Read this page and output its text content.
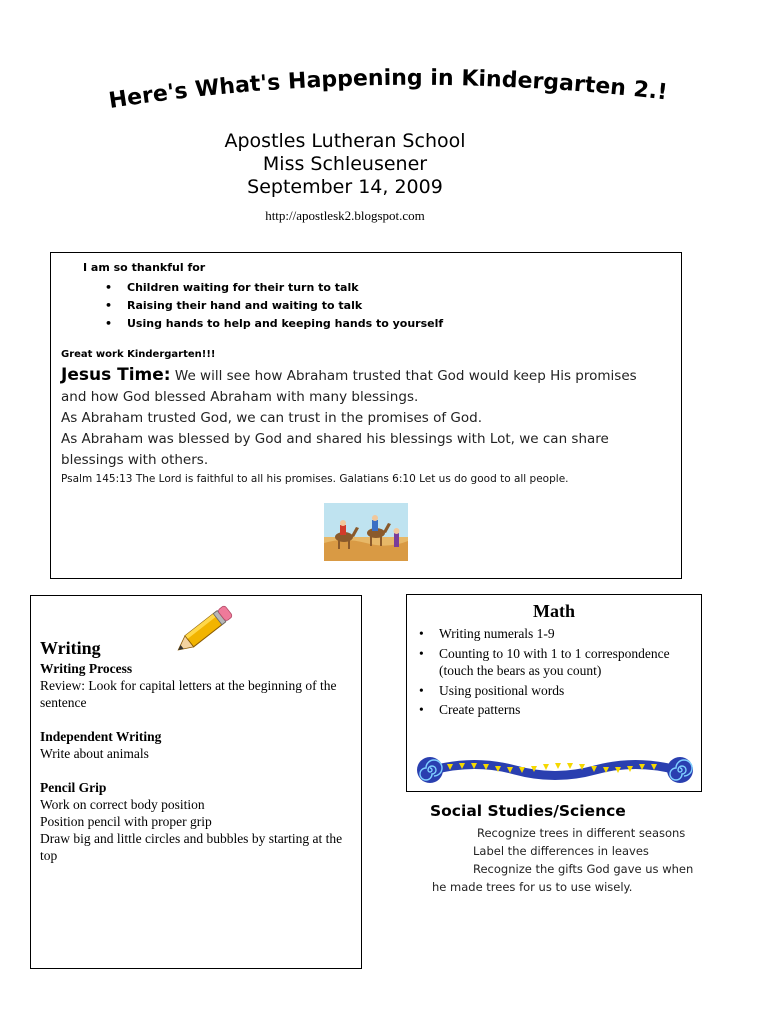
Here's What's Happening in Kindergarten 2.!
Apostles Lutheran School
Miss Schleusener
September 14, 2009
http://apostlesk2.blogspot.com
I am so thankful for
• Children waiting for their turn to talk
• Raising their hand and waiting to talk
• Using hands to help and keeping hands to yourself
Great work Kindergarten!!!
Jesus Time: We will see how Abraham trusted that God would keep His promises and how God blessed Abraham with many blessings.
As Abraham trusted God, we can trust in the promises of God.
As Abraham was blessed by God and shared his blessings with Lot, we can share blessings with others.
Psalm 145:13 The Lord is faithful to all his promises. Galatians 6:10 Let us do good to all people.
Writing
Writing Process
Review: Look for capital letters at the beginning of the sentence
Independent Writing
Write about animals
Pencil Grip
Work on correct body position
Position pencil with proper grip
Draw big and little circles and bubbles by starting at the top
Math
• Writing numerals 1-9
• Counting to 10 with 1 to 1 correspondence (touch the bears as you count)
• Using positional words
• Create patterns
Social Studies/Science
Recognize trees in different seasons
Label the differences in leaves
Recognize the gifts God gave us when
he made trees for us to use wisely.
